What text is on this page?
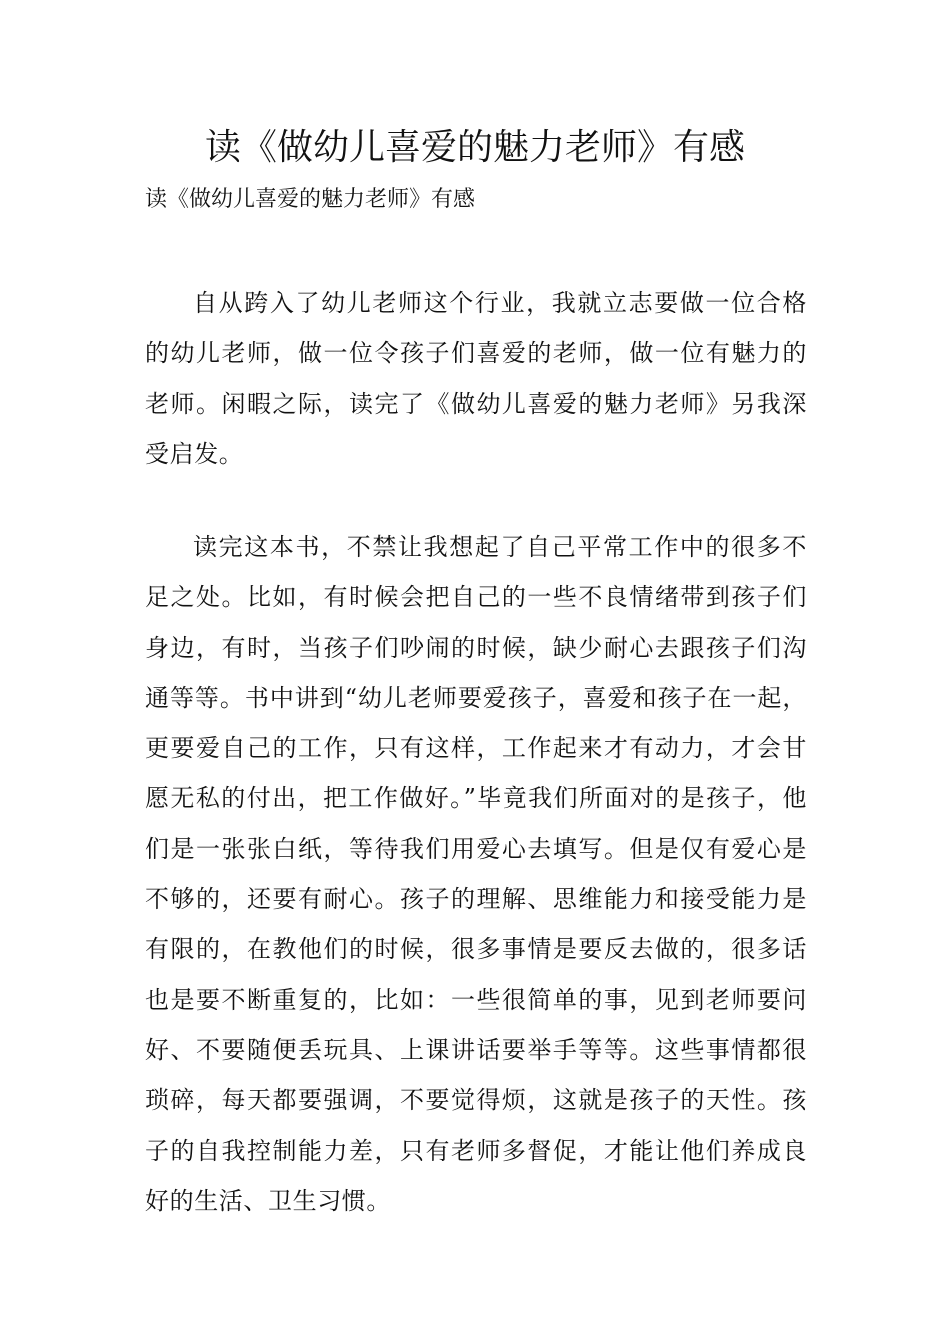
读《做幼儿喜爱的魅力老师》有感

读《做幼儿喜爱的魅力老师》有感

自从跨入了幼儿老师这个行业，我就立志要做一位合格的幼儿老师，做一位令孩子们喜爱的老师，做一位有魅力的老师。闲暇之际，读完了《做幼儿喜爱的魅力老师》另我深受启发。

读完这本书，不禁让我想起了自己平常工作中的很多不足之处。比如，有时候会把自己的一些不良情绪带到孩子们身边，有时，当孩子们吵闹的时候，缺少耐心去跟孩子们沟通等等。书中讲到“幼儿老师要爱孩子，喜爱和孩子在一起，更要爱自己的工作，只有这样，工作起来才有动力，才会甘愿无私的付出，把工作做好。”毕竟我们所面对的是孩子，他们是一张张白纸，等待我们用爱心去填写。但是仅有爱心是不够的，还要有耐心。孩子的理解、思维能力和接受能力是有限的，在教他们的时候，很多事情是要反去做的，很多话也是要不断重复的，比如：一些很简单的事，见到老师要问好、不要随便丢玩具、上课讲话要举手等等。这些事情都很琐碎，每天都要强调，不要觉得烦，这就是孩子的天性。孩子的自我控制能力差，只有老师多督促，才能让他们养成良好的生活、卫生习惯。
